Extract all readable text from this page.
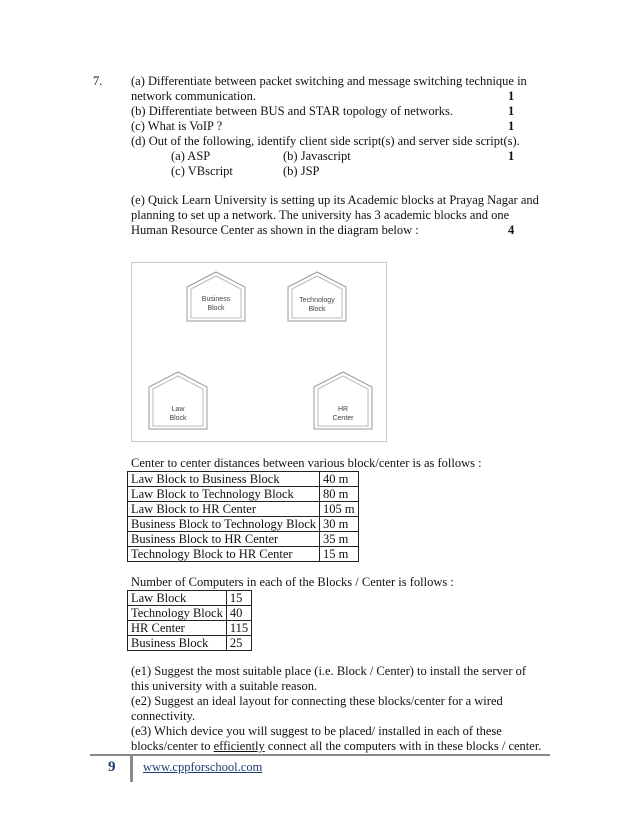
7. (a) Differentiate between packet switching and message switching technique in
network communication.	1
(b) Differentiate between BUS and STAR topology of networks.	1
(c) What is VoIP ?	1
(d) Out of the following, identify client side script(s) and server side script(s).
(a) ASP	(b) Javascript	1
(c) VBscript	(b) JSP
(e) Quick Learn University is setting up its Academic blocks at Prayag Nagar and
planning to set up a network. The university has 3 academic blocks and one
Human Resource Center as shown in the diagram below :	4
Business
Block
Technology
Block
Law
Block
HR
Center
Center to center distances between various block/center is as follows :
Law Block to Business Block	40 m
Law Block to Technology Block	80 m
Law Block to HR Center	105 m
Business Block to Technology Block	30 m
Business Block to HR Center	35 m
Technology Block to HR Center	15 m
Number of Computers in each of the Blocks / Center is follows :
Law Block	15
Technology Block	40
HR Center	115
Business Block	25
(e1) Suggest the most suitable place (i.e. Block / Center) to install the server of
this university with a suitable reason.
(e2) Suggest an ideal layout for connecting these blocks/center for a wired
connectivity.
(e3) Which device you will suggest to be placed/ installed in each of these
blocks/center to efficiently connect all the computers with in these blocks / center.
9 www.cppforschool.com
